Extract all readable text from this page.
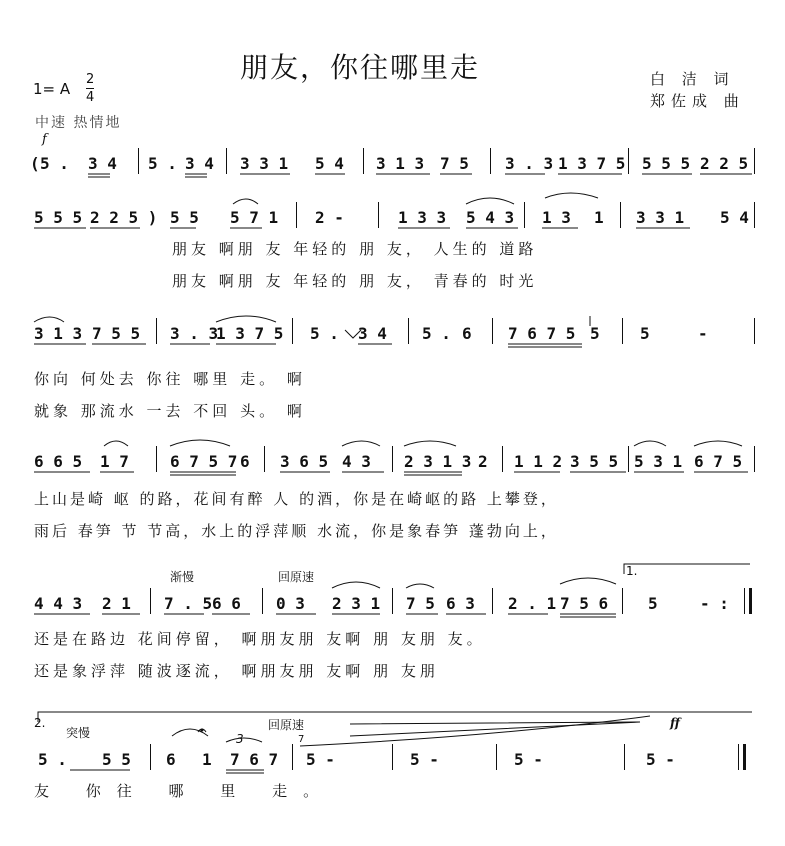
朋友，你往哪里走	白 洁 词
郑佐成 曲
1= A
2
4
中速 热情地
f
( 5 . 3 4 5 . 3 4 3 3 1 5 4 3 1 3 7 5 3 . 3 1 3 7 5 5 5 5 2 2 5
5 5 5 2 2 5 ) 5 5 5 7 1 2 -	1 3 3 5 4 3 1 3 1 3 3 1 5 4
朋友 啊朋 友 年轻的 朋 友， 人生的 道路
朋友 啊朋 友 年轻的 朋 友， 青春的 时光
3 1 3 7 5 5 3 . 3
1 3 7 5 5 . 3 4 5 . 6 7 6 7 5 5	5	-
你向 何处去 你往 哪里 走。 啊
就象 那流水 一去 不回 头。 啊
6 6 5 1 7	6 7 5 7 6 3 6 5 4 3 2 3 1 3 2 1 1 2 3 5 5 5 3 1 6 7 5
上山是崎 岖 的路，花间有醉 人 的酒，你是在崎岖的路 上攀登，
雨后 春笋 节 节高，水上的浮萍顺 水流，你是象春笋 蓬勃向上，
渐慢	回原速	1.
4 4 3 2 1 7 . 5 6 6 0 3 2 3 1 7 5 6 3 2 . 1 7 5 6 5	- :
还是在路边 花间停留， 啊朋友朋 友啊 朋 友朋 友。
还是象浮萍 随波逐流， 啊朋友朋 友啊 朋 友朋
2.
突慢
回原速
3
ff
7
5 . 5 5 6 1 7 6 7 5 -	5 -	5 -	5 -
友 你往 哪 里 走。
